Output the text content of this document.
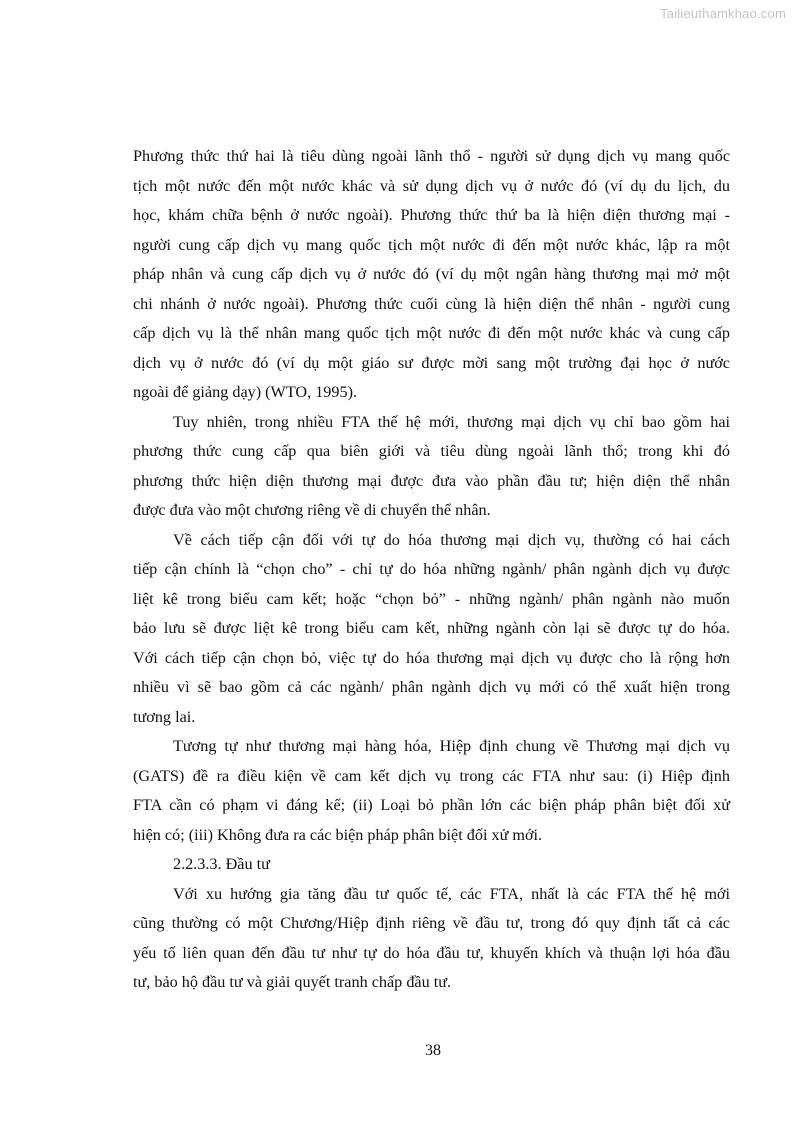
Tailieuthamkhao.com
Phương thức thứ hai là tiêu dùng ngoài lãnh thổ - người sử dụng dịch vụ mang quốc
tịch một nước đến một nước khác và sử dụng dịch vụ ở nước đó (ví dụ du lịch, du
học, khám chữa bệnh ở nước ngoài). Phương thức thứ ba là hiện diện thương mại -
người cung cấp dịch vụ mang quốc tịch một nước đi đến một nước khác, lập ra một
pháp nhân và cung cấp dịch vụ ở nước đó (ví dụ một ngân hàng thương mại mở một
chi nhánh ở nước ngoài). Phương thức cuối cùng là hiện diện thể nhân - người cung
cấp dịch vụ là thể nhân mang quốc tịch một nước đi đến một nước khác và cung cấp
dịch vụ ở nước đó (ví dụ một giáo sư được mời sang một trường đại học ở nước
ngoài để giảng dạy) (WTO, 1995).
Tuy nhiên, trong nhiều FTA thế hệ mới, thương mại dịch vụ chỉ bao gồm hai
phương thức cung cấp qua biên giới và tiêu dùng ngoài lãnh thổ; trong khi đó
phương thức hiện diện thương mại được đưa vào phần đầu tư; hiện diện thể nhân
được đưa vào một chương riêng về di chuyển thể nhân.
Về cách tiếp cận đối với tự do hóa thương mại dịch vụ, thường có hai cách
tiếp cận chính là “chọn cho” - chỉ tự do hóa những ngành/ phân ngành dịch vụ được
liệt kê trong biểu cam kết; hoặc “chọn bỏ” - những ngành/ phân ngành nào muốn
bảo lưu sẽ được liệt kê trong biểu cam kết, những ngành còn lại sẽ được tự do hóa.
Với cách tiếp cận chọn bỏ, việc tự do hóa thương mại dịch vụ được cho là rộng hơn
nhiều vì sẽ bao gồm cả các ngành/ phân ngành dịch vụ mới có thể xuất hiện trong
tương lai.
Tương tự như thương mại hàng hóa, Hiệp định chung về Thương mại dịch vụ
(GATS) đề ra điều kiện về cam kết dịch vụ trong các FTA như sau: (i) Hiệp định
FTA cần có phạm vi đáng kể; (ii) Loại bỏ phần lớn các biện pháp phân biệt đối xử
hiện có; (iii) Không đưa ra các biện pháp phân biệt đối xử mới.
2.2.3.3. Đầu tư
Với xu hướng gia tăng đầu tư quốc tế, các FTA, nhất là các FTA thế hệ mới
cũng thường có một Chương/Hiệp định riêng về đầu tư, trong đó quy định tất cả các
yếu tố liên quan đến đầu tư như tự do hóa đầu tư, khuyến khích và thuận lợi hóa đầu
tư, bảo hộ đầu tư và giải quyết tranh chấp đầu tư.
38
